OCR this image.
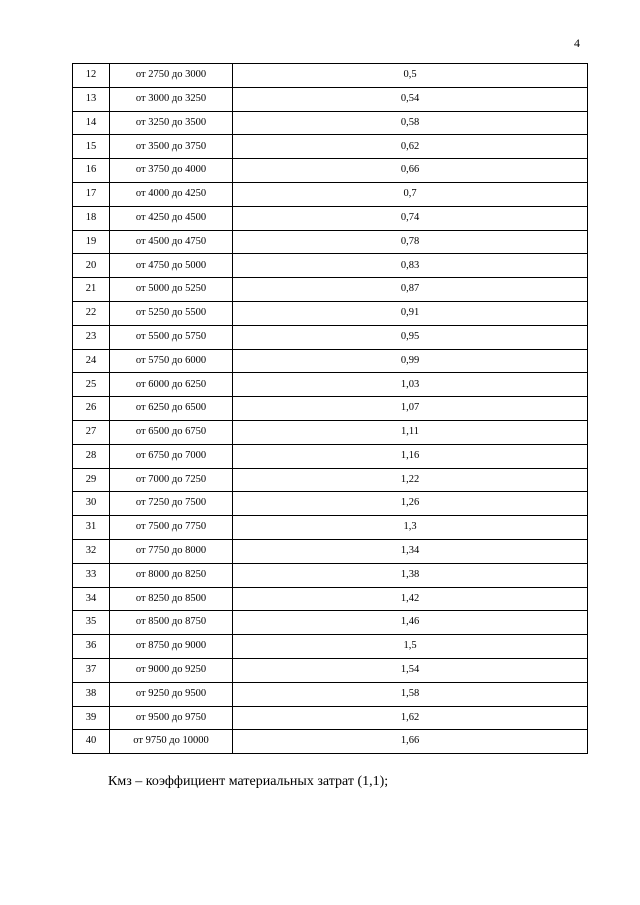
4
12	от 2750 до 3000	0,5
13	от 3000 до 3250	0,54
14	от 3250 до 3500	0,58
15	от 3500 до 3750	0,62
16	от 3750 до 4000	0,66
17	от 4000 до 4250	0,7
18	от 4250 до 4500	0,74
19	от 4500 до 4750	0,78
20	от 4750 до 5000	0,83
21	от 5000 до 5250	0,87
22	от 5250 до 5500	0,91
23	от 5500 до 5750	0,95
24	от 5750 до 6000	0,99
25	от 6000 до 6250	1,03
26	от 6250 до 6500	1,07
27	от 6500 до 6750	1,11
28	от 6750 до 7000	1,16
29	от 7000 до 7250	1,22
30	от 7250 до 7500	1,26
31	от 7500 до 7750	1,3
32	от 7750 до 8000	1,34
33	от 8000 до 8250	1,38
34	от 8250 до 8500	1,42
35	от 8500 до 8750	1,46
36	от 8750 до 9000	1,5
37	от 9000 до 9250	1,54
38	от 9250 до 9500	1,58
39	от 9500 до 9750	1,62
40	от 9750 до 10000	1,66
Кмз – коэффициент материальных затрат (1,1);
